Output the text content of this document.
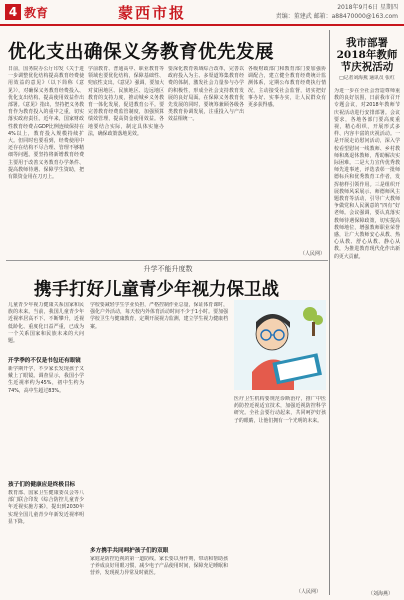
4 教育	蒙西市报	2018年9月6日 星期四
责编：董建武 邮箱：a88470000@163.com
优化支出确保义务教育优先发展
日前，国务院办公厅印发《关于进一步调整优化结构提高教育经费使用效益的意见》（以下简称《意见》），对确保义务教育经费投入、优化支出结构、提高使用效益作出部署。《意见》指出，坚持把义务教育作为教育投入的重中之重，切实落实政府责任。近年来，国家财政性教育经费占GDP比例连续保持在4%以上，教育投入规模持续扩大。但同时也要看到，经费使用中还存在结构不尽合理、管理不够精细等问题。要坚持将新增教育经费主要用于改善义务教育办学条件、提高教师待遇、保障学生资助，把有限资金用在刀刃上。
学前教育、普通高中、职业教育等领域也要优化结构，保障基础性、兜底性支出。《意见》强调，要加大对贫困地区、民族地区、边远地区教育的支持力度，推动城乡义务教育一体化发展，促进教育公平。要完善教育经费监管制度，加强预算绩效管理，提高资金使用效益。各地要结合实际，制定具体实施办法，确保政策落地见效。
要深化教育领域综合改革，完善以政府投入为主、多渠道筹集教育经费的体制，激发社会力量参与办学的积极性，形成全社会支持教育发展的良好局面。在保障义务教育优先发展的同时，要统筹兼顾各级各类教育协调发展，注重投入与产出效益相统一。
各级财政部门和教育部门要加强协调配合，建立健全教育经费统计监测体系，定期公布教育经费执行情况，主动接受社会监督，切实把好事办好、实事办实，让人民群众有更多获得感。
（人民网）
我市部署2018年教师节庆祝活动
□记者刘海燕 通讯员 张红
为进一步在全社会营造尊师重教的良好氛围，日前我市召开专题会议，对2018年教师节庆祝活动进行安排部署。会议要求，各地各部门要高度重视，精心组织，开展形式多样、内容丰富的庆祝活动。一是开展走访慰问活动，深入学校看望慰问一线教师、乡村教师和离退休教师，帮助解决实际困难。二是大力宣传优秀教师先进事迹，评选表彰一批师德标兵和优秀教育工作者，发挥榜样引领作用。三是组织开展教师风采展示、师德师风主题教育等活动，引导广大教师争做党和人民满意的“四有”好老师。会议强调，要认真落实教师待遇保障政策，切实提高教师地位，增强教师职业荣誉感，让广大教师安心从教、热心从教、舒心从教、静心从教，为推进教育现代化作出新的更大贡献。
（刘海燕）
升学不能升度数
携手打好儿童青少年视力保卫战
儿童青少年视力健康关系国家和民族的未来。当前，我国儿童青少年近视率居高不下、不断攀升，近视低龄化、重度化日益严重，已成为一个关系国家和民族未来的大问题。
开学季的不仅是书包还有眼镜
新学期开学，不少家长发现孩子又戴上了眼镜。调查显示，我国小学生近视率约为45%，初中生约为74%，高中生超过83%。
孩子们的健康应是终极目标
教育部、国家卫生健康委员会等八部门联合印发《综合防控儿童青少年近视实施方案》，提出到2030年实现全国儿童青少年新发近视率明显下降。
学校要减轻学生学业负担，严格控制作业总量，保证体育课时，强化户外活动，每天校内外体育活动时间不少于1小时。要加强学校卫生与健康教育，定期开展视力监测，建立学生视力健康档案。
多方携手共同呵护孩子们的双眼
家庭是防控近视的第一道防线。家长要以身作则，带动和帮助孩子养成良好用眼习惯，减少电子产品使用时间，保障充足睡眠和营养，发现视力异常及时就医。
医疗卫生机构要规范诊断治疗，推广中医药防控近视适宜技术，加强近视防控科学研究。全社会要行动起来，共同呵护好孩子的眼睛，让他们拥有一个光明的未来。
（人民网）
